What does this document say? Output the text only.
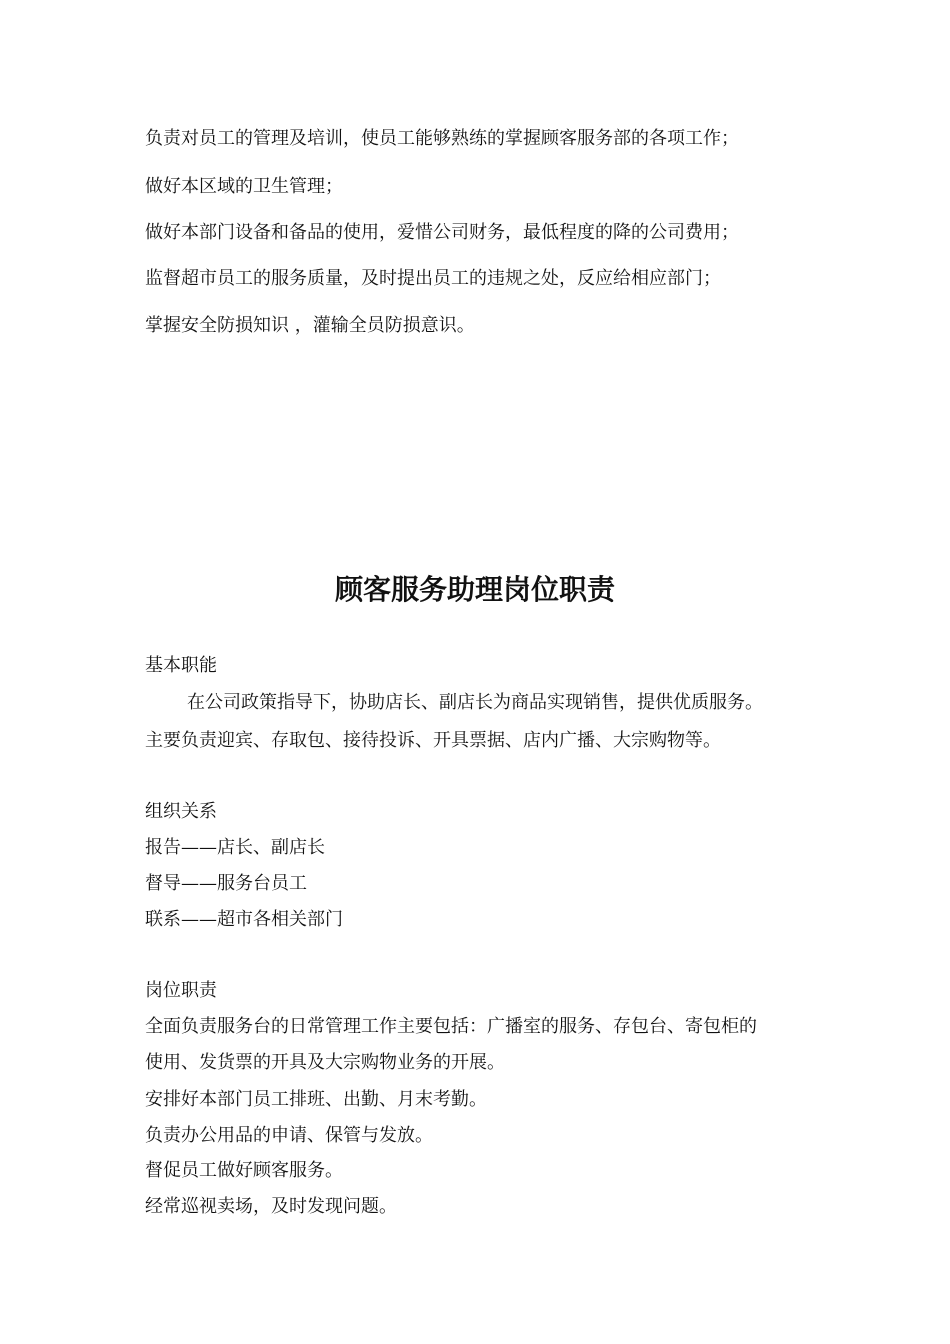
负责对员工的管理及培训，使员工能够熟练的掌握顾客服务部的各项工作；
做好本区域的卫生管理；
做好本部门设备和备品的使用，爱惜公司财务，最低程度的降的公司费用；
监督超市员工的服务质量，及时提出员工的违规之处，反应给相应部门；
掌握安全防损知识 ，灌输全员防损意识。
顾客服务助理岗位职责
基本职能
在公司政策指导下，协助店长、副店长为商品实现销售，提供优质服务。
主要负责迎宾、存取包、接待投诉、开具票据、店内广播、大宗购物等。
组织关系
报告——店长、副店长
督导——服务台员工
联系——超市各相关部门
岗位职责
全面负责服务台的日常管理工作主要包括：广播室的服务、存包台、寄包柜的
使用、发货票的开具及大宗购物业务的开展。
安排好本部门员工排班、出勤、月末考勤。
负责办公用品的申请、保管与发放。
督促员工做好顾客服务。
经常巡视卖场，及时发现问题。
